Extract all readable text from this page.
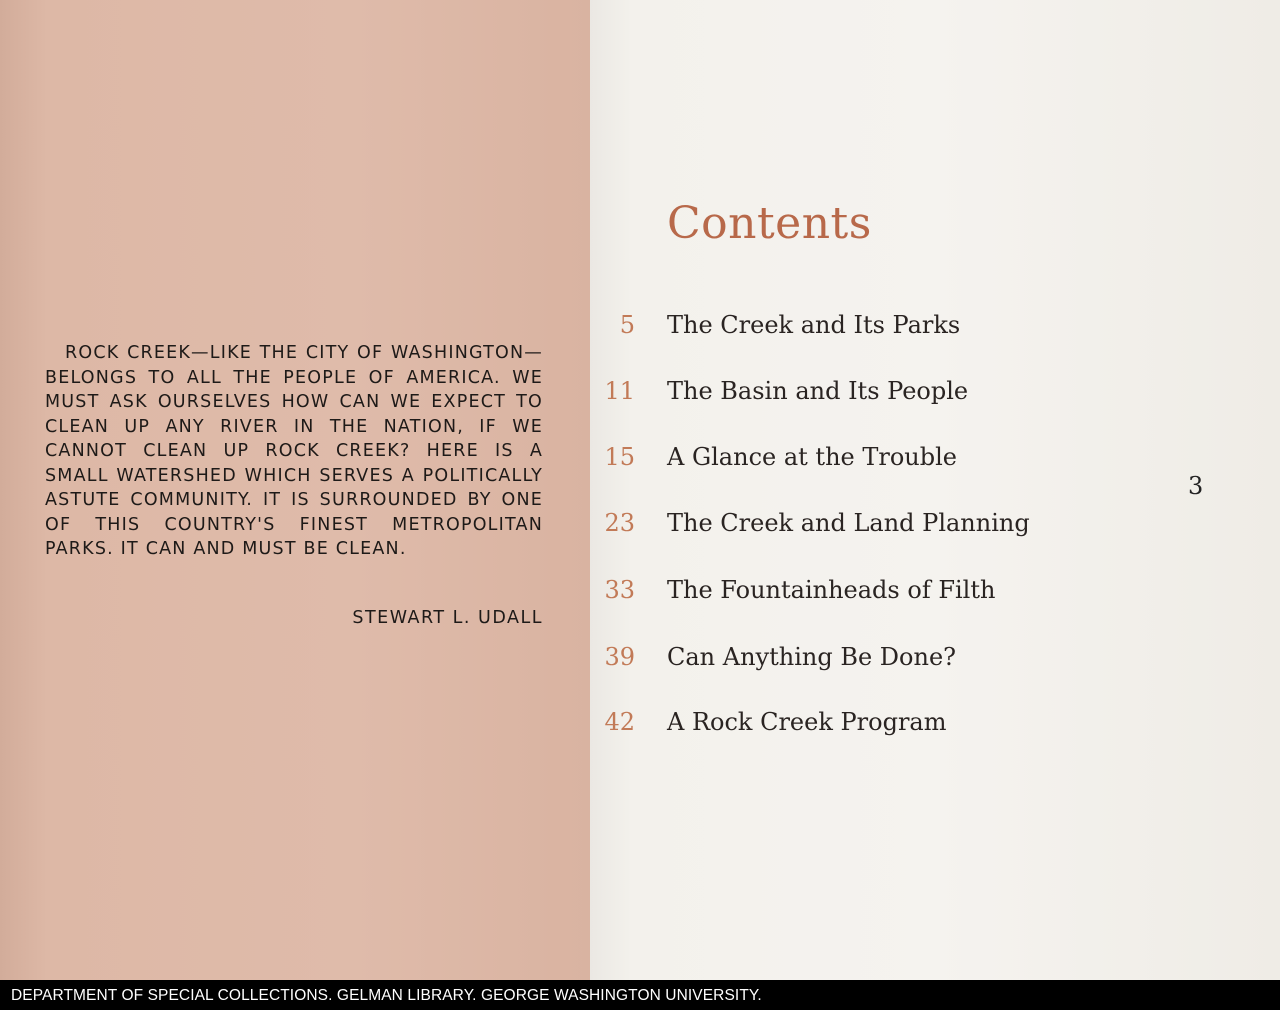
ROCK CREEK—LIKE THE CITY OF WASHINGTON—BELONGS TO ALL THE PEOPLE OF AMERICA. WE MUST ASK OURSELVES HOW CAN WE EXPECT TO CLEAN UP ANY RIVER IN THE NATION, IF WE CANNOT CLEAN UP ROCK CREEK? HERE IS A SMALL WATERSHED WHICH SERVES A POLITICALLY ASTUTE COMMUNITY. IT IS SURROUNDED BY ONE OF THIS COUNTRY'S FINEST METROPOLITAN PARKS. IT CAN AND MUST BE CLEAN.
STEWART L. UDALL
Contents
5 The Creek and Its Parks
11 The Basin and Its People
15 A Glance at the Trouble
23 The Creek and Land Planning
33 The Fountainheads of Filth
39 Can Anything Be Done?
42 A Rock Creek Program
3
DEPARTMENT OF SPECIAL COLLECTIONS. GELMAN LIBRARY. GEORGE WASHINGTON UNIVERSITY.
